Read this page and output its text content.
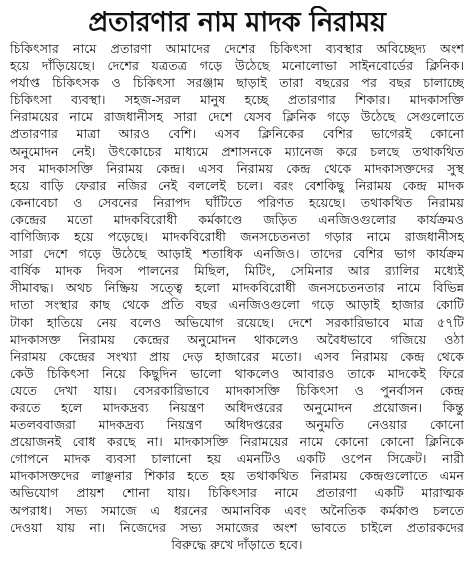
প্রতারণার নাম মাদক নিরাময়
চিকিৎসার নামে প্রতারণা আমাদের দেশের চিকিৎসা ব্যবস্থার অবিচ্ছেদ্য অংশ
হয়ে দাঁড়িয়েছে। দেশের যত্রতত্র গড়ে উঠেছে মনোলোভা সাইনবোর্ডের ক্লিনিক।
পর্যাপ্ত চিকিৎসক ও চিকিৎসা সরঞ্জাম ছাড়াই তারা বছরের পর বছর চালাচ্ছে
চিকিৎসা ব্যবস্থা। সহজ-সরল মানুষ হচ্ছে প্রতারণার শিকার। মাদকাসক্তি
নিরাময়ের নামে রাজধানীসহ সারা দেশে যেসব ক্লিনিক গড়ে উঠেছে সেগুলোতে
প্রতারণার মাত্রা আরও বেশি। এসব ক্লিনিকের বেশির ভাগেরই কোনো
অনুমোদন নেই। উৎকোচের মাধ্যমে প্রশাসনকে ম্যানেজ করে চলছে তথাকথিত
সব মাদকাসক্তি নিরাময় কেন্দ্র। এসব নিরাময় কেন্দ্র থেকে মাদকাসক্তদের সুস্থ
হয়ে বাড়ি ফেরার নজির নেই বললেই চলে। বরং বেশকিছু নিরাময় কেন্দ্র মাদক
কেনাবেচা ও সেবনের নিরাপদ ঘাঁটিতে পরিণত হয়েছে। তথাকথিত নিরাময়
কেন্দ্রের মতো মাদকবিরোধী কর্মকাণ্ডে জড়িত এনজিওগুলোর কার্যক্রমও
বাণিজ্যিক হয়ে পড়েছে। মাদকবিরোধী জনসচেতনতা গড়ার নামে রাজধানীসহ
সারা দেশে গড়ে উঠেছে আড়াই শতাধিক এনজিও। তাদের বেশির ভাগ কার্যক্রম
বার্ষিক মাদক দিবস পালনের মিছিল, মিটিং, সেমিনার আর র‍্যালির মধ্যেই
সীমাবদ্ধ। অথচ নিষ্ক্রিয় সত্ত্বে হলো মাদকবিরোধী জনসচেতনতার নামে বিভিন্ন
দাতা সংস্থার কাছ থেকে প্রতি বছর এনজিওগুলো গড়ে আড়াই হাজার কোটি
টাকা হাতিয়ে নেয় বলেও অভিযোগ রয়েছে। দেশে সরকারিভাবে মাত্র ৫৭টি
মাদকাসক্ত নিরাময় কেন্দ্রের অনুমোদন থাকলেও অবৈধভাবে গজিয়ে ওঠা
নিরাময় কেন্দ্রের সংখ্যা প্রায় দেড় হাজারের মতো। এসব নিরাময় কেন্দ্র থেকে
কেউ চিকিৎসা নিয়ে কিছুদিন ভালো থাকলেও আবারও তাকে মাদকেই ফিরে
যেতে দেখা যায়। বেসরকারিভাবে মাদকাসক্তি চিকিৎসা ও পুনর্বাসন কেন্দ্র
করতে হলে মাদকদ্রব্য নিয়ন্ত্রণ অধিদপ্তরের অনুমোদন প্রয়োজন। কিন্তু
মতলববাজরা মাদকদ্রব্য নিয়ন্ত্রণ অধিদপ্তরের অনুমতি নেওয়ার কোনো
প্রয়োজনই বোধ করছে না। মাদকাসক্তি নিরাময়ের নামে কোনো কোনো ক্লিনিকে
গোপনে মাদক ব্যবসা চালানো হয় এমনটিও একটি ওপেন সিক্রেট। নারী
মাদকাসক্তদের লাঞ্ছনার শিকার হতে হয় তথাকথিত নিরাময় কেন্দ্রগুলোতে এমন
অভিযোগ প্রায়শ শোনা যায়। চিকিৎসার নামে প্রতারণা একটি মারাত্মক
অপরাধ। সভ্য সমাজে এ ধরনের অমানবিক এবং অনৈতিক কর্মকাণ্ড চলতে
দেওয়া যায় না। নিজেদের সভ্য সমাজের অংশ ভাবতে চাইলে প্রতারকদের
বিরুদ্ধে রুখে দাঁড়াতে হবে।
